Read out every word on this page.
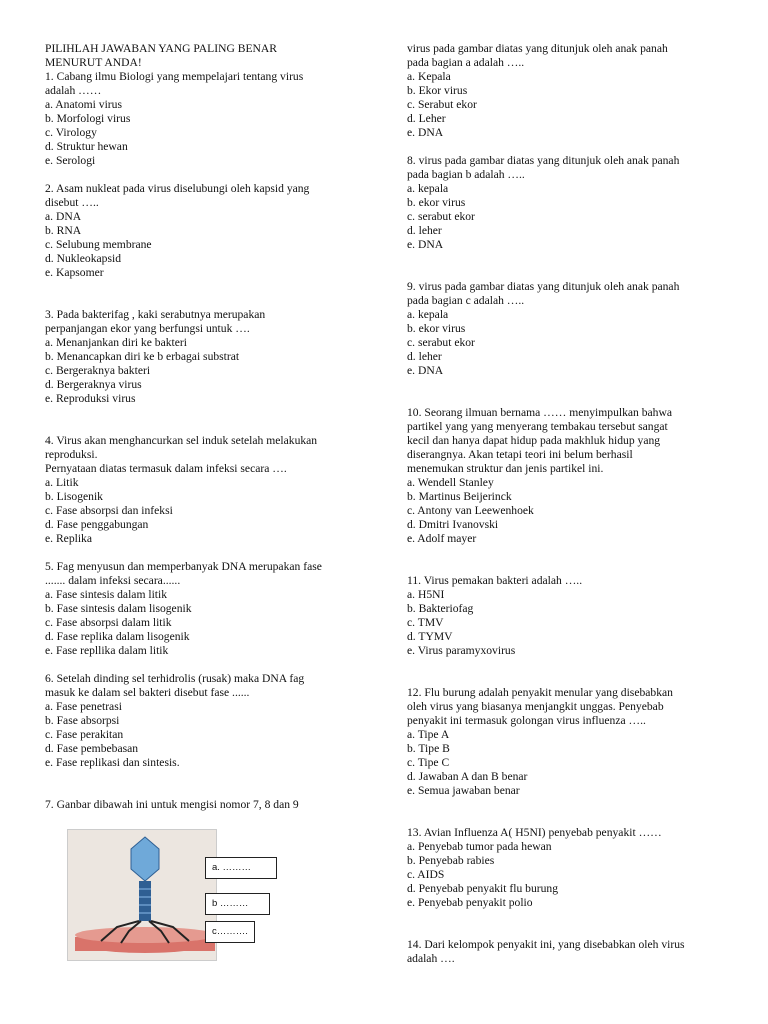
PILIHLAH JAWABAN YANG PALING BENAR
MENURUT ANDA!
1. Cabang ilmu Biologi yang mempelajari tentang virus
adalah ……
a. Anatomi virus
b. Morfologi virus
c. Virology
d. Struktur hewan
e. Serologi
2. Asam nukleat pada virus diselubungi oleh kapsid yang
disebut …..
a. DNA
b. RNA
c. Selubung membrane
d. Nukleokapsid
e. Kapsomer
3. Pada bakterifag , kaki serabutnya merupakan
perpanjangan ekor yang berfungsi untuk ….
a. Menanjankan diri ke bakteri
b. Menancapkan diri ke b erbagai substrat
c. Bergeraknya bakteri
d. Bergeraknya virus
e. Reproduksi virus
4. Virus akan menghancurkan sel induk setelah melakukan
reproduksi.
Pernyataan diatas termasuk dalam infeksi secara ….
a. Litik
b. Lisogenik
c. Fase absorpsi dan infeksi
d. Fase penggabungan
e. Replika
5. Fag menyusun dan memperbanyak DNA merupakan fase
....... dalam infeksi secara......
a. Fase sintesis dalam litik
b. Fase sintesis dalam lisogenik
c. Fase absorpsi dalam litik
d. Fase replika dalam lisogenik
e. Fase repllika dalam litik
6. Setelah dinding sel terhidrolis (rusak) maka DNA fag
masuk ke dalam sel bakteri disebut fase ......
a. Fase penetrasi
b. Fase absorpsi
c. Fase perakitan
d. Fase pembebasan
e. Fase replikasi dan sintesis.
7. Ganbar dibawah ini untuk mengisi nomor 7, 8 dan 9
virus pada gambar diatas yang ditunjuk oleh anak panah
pada bagian a adalah …..
a. Kepala
b. Ekor virus
c. Serabut ekor
d. Leher
e. DNA
8. virus pada gambar diatas yang ditunjuk oleh anak panah
pada bagian b adalah …..
a. kepala
b. ekor virus
c. serabut ekor
d. leher
e. DNA
9. virus pada gambar diatas yang ditunjuk oleh anak panah
pada bagian c adalah …..
a. kepala
b. ekor virus
c. serabut ekor
d. leher
e. DNA
10. Seorang ilmuan bernama …… menyimpulkan bahwa
partikel yang yang menyerang tembakau tersebut sangat
kecil dan hanya dapat hidup pada makhluk hidup yang
diserangnya. Akan tetapi teori ini belum berhasil
menemukan struktur dan jenis partikel ini.
a. Wendell Stanley
b. Martinus Beijerinck
c. Antony van Leewenhoek
d. Dmitri Ivanovski
e. Adolf mayer
11. Virus pemakan bakteri adalah …..
a. H5NI
b. Bakteriofag
c. TMV
d. TYMV
e. Virus paramyxovirus
12. Flu burung adalah penyakit menular yang disebabkan
oleh virus yang biasanya menjangkit unggas. Penyebab
penyakit ini termasuk golongan virus influenza …..
a. Tipe A
b. Tipe B
c. Tipe C
d. Jawaban A dan B benar
e. Semua jawaban benar
13. Avian Influenza A( H5NI) penyebab penyakit ……
a. Penyebab tumor pada hewan
b. Penyebab rabies
c. AIDS
d. Penyebab penyakit flu burung
e. Penyebab penyakit polio
14. Dari kelompok penyakit ini, yang disebabkan oleh virus
adalah ….
a. ………
b ………
c……….
